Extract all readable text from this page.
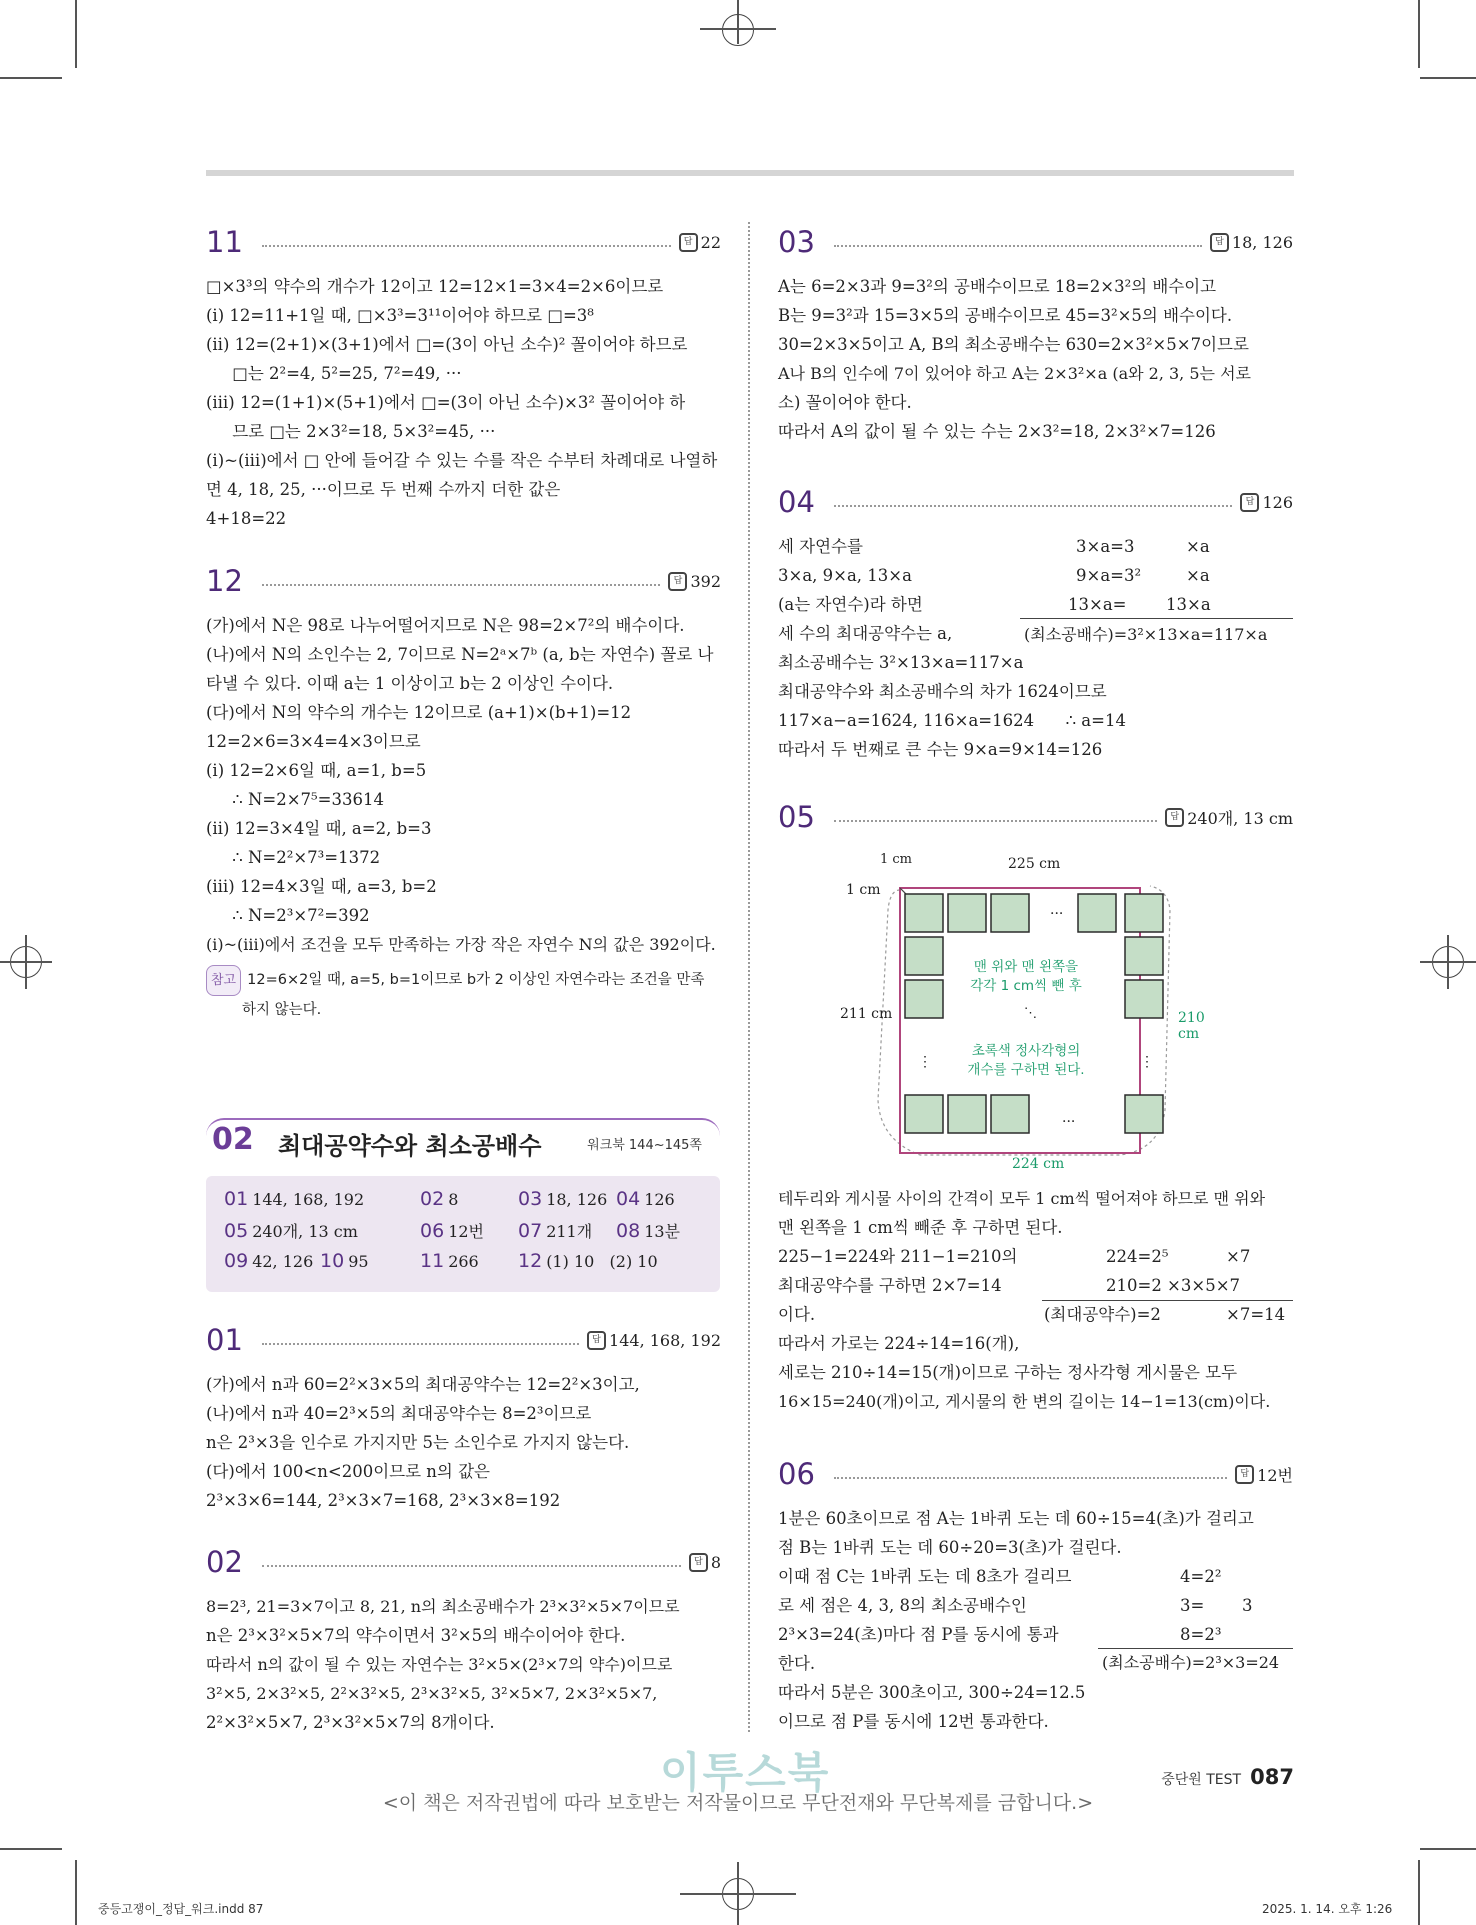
11	답 22
□×3³의 약수의 개수가 12이고 12=12×1=3×4=2×6이므로
(ⅰ) 12=11+1일 때, □×3³=3¹¹이어야 하므로 □=3⁸
(ⅱ) 12=(2+1)×(3+1)에서 □=(3이 아닌 소수)² 꼴이어야 하므로
□는 2²=4, 5²=25, 7²=49, ···
(ⅲ) 12=(1+1)×(5+1)에서 □=(3이 아닌 소수)×3² 꼴이어야 하
므로 □는 2×3²=18, 5×3²=45, ···
(ⅰ)~(ⅲ)에서 □ 안에 들어갈 수 있는 수를 작은 수부터 차례대로 나열하
면 4, 18, 25, ···이므로 두 번째 수까지 더한 값은
4+18=22
12	답 392
(가)에서 N은 98로 나누어떨어지므로 N은 98=2×7²의 배수이다.
(나)에서 N의 소인수는 2, 7이므로 N=2ᵃ×7ᵇ (a, b는 자연수) 꼴로 나
타낼 수 있다. 이때 a는 1 이상이고 b는 2 이상인 수이다.
(다)에서 N의 약수의 개수는 12이므로 (a+1)×(b+1)=12
12=2×6=3×4=4×3이므로
(ⅰ) 12=2×6일 때, a=1, b=5
∴ N=2×7⁵=33614
(ⅱ) 12=3×4일 때, a=2, b=3
∴ N=2²×7³=1372
(ⅲ) 12=4×3일 때, a=3, b=2
∴ N=2³×7²=392
(ⅰ)~(ⅲ)에서 조건을 모두 만족하는 가장 작은 자연수 N의 값은 392이다.
참고 12=6×2일 때, a=5, b=1이므로 b가 2 이상인 자연수라는 조건을 만족
하지 않는다.
02 최대공약수와 최소공배수	워크북 144~145쪽
01 144, 168, 192	02 8	03 18, 126 04 126
05 240개, 13 cm	06 12번 07 211개 08 13분
09 42, 126 10 95	11 266 12 (1) 10   (2) 10
01	답 144, 168, 192
(가)에서 n과 60=2²×3×5의 최대공약수는 12=2²×3이고,
(나)에서 n과 40=2³×5의 최대공약수는 8=2³이므로
n은 2³×3을 인수로 가지지만 5는 소인수로 가지지 않는다.
(다)에서 100<n<200이므로 n의 값은
2³×3×6=144, 2³×3×7=168, 2³×3×8=192
02	답 8
8=2³, 21=3×7이고 8, 21, n의 최소공배수가 2³×3²×5×7이므로
n은 2³×3²×5×7의 약수이면서 3²×5의 배수이어야 한다.
따라서 n의 값이 될 수 있는 자연수는 3²×5×(2³×7의 약수)이므로
3²×5, 2×3²×5, 2²×3²×5, 2³×3²×5, 3²×5×7, 2×3²×5×7,
2²×3²×5×7, 2³×3²×5×7의 8개이다.
03	답 18, 126
A는 6=2×3과 9=3²의 공배수이므로 18=2×3²의 배수이고
B는 9=3²과 15=3×5의 공배수이므로 45=3²×5의 배수이다.
30=2×3×5이고 A, B의 최소공배수는 630=2×3²×5×7이므로
A나 B의 인수에 7이 있어야 하고 A는 2×3²×a (a와 2, 3, 5는 서로
소) 꼴이어야 한다.
따라서 A의 값이 될 수 있는 수는 2×3²=18, 2×3²×7=126
04	답 126
세 자연수를
3×a, 9×a, 13×a
(a는 자연수)라 하면
세 수의 최대공약수는 a,
최소공배수는 3²×13×a=117×a
최대공약수와 최소공배수의 차가 1624이므로
117×a−a=1624, 116×a=1624      ∴ a=14
따라서 두 번째로 큰 수는 9×a=9×14=126
3×a=3	×a
9×a=3²	×a
13×a= 13×a
(최소공배수)=3²×13×a=117×a
05	답 240개, 13 cm
1 cm
1 cm
225 cm
211 cm	210 cm
224 cm
···
···
⋮	⋮
⋱
맨 위와 맨 왼쪽을
각각 1 cm씩 뺀 후
초록색 정사각형의
개수를 구하면 된다.
테두리와 게시물 사이의 간격이 모두 1 cm씩 떨어져야 하므로 맨 위와
맨 왼쪽을 1 cm씩 빼준 후 구하면 된다.
225−1=224와 211−1=210의
최대공약수를 구하면 2×7=14
이다.
따라서 가로는 224÷14=16(개),
세로는 210÷14=15(개)이므로 구하는 정사각형 게시물은 모두
16×15=240(개)이고, 게시물의 한 변의 길이는 14−1=13(cm)이다.
224=2⁵	×7
210=2 ×3×5×7
(최대공약수)=2	×7=14
06	답 12번
1분은 60초이므로 점 A는 1바퀴 도는 데 60÷15=4(초)가 걸리고
점 B는 1바퀴 도는 데 60÷20=3(초)가 걸린다.
이때 점 C는 1바퀴 도는 데 8초가 걸리므
로 세 점은 4, 3, 8의 최소공배수인
2³×3=24(초)마다 점 P를 동시에 통과
한다.
따라서 5분은 300초이고, 300÷24=12.5
이므로 점 P를 동시에 12번 통과한다.
4=2²
3= 3
8=2³
(최소공배수)=2³×3=24
이투스북
<이 책은 저작권법에 따라 보호받는 저작물이므로 무단전재와 무단복제를 금합니다.>
중단원 TEST 087
중등고쟁이_정답_워크.indd 87	2025. 1. 14. 오후 1:26
